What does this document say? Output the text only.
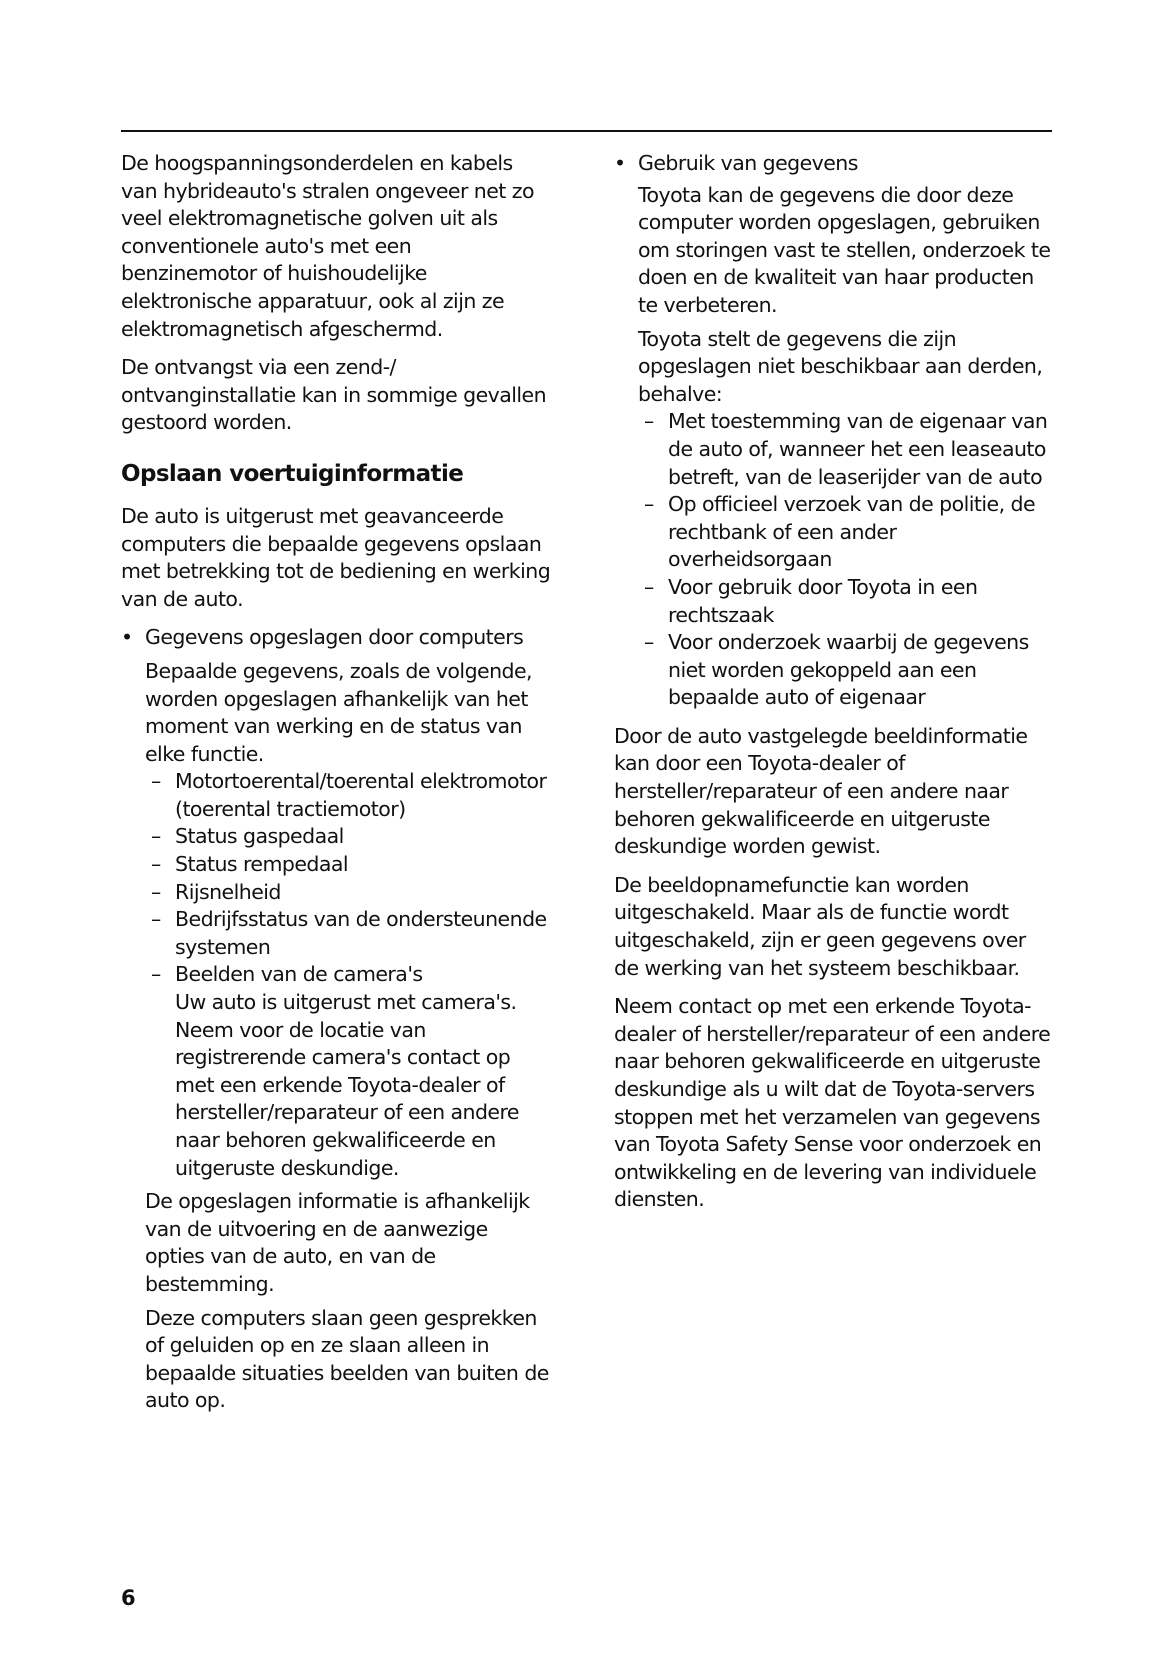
De hoogspanningsonderdelen en kabels van hybrideauto's stralen ongeveer net zo veel elektromagnetische golven uit als conventionele auto's met een benzinemotor of huishoudelijke elektronische apparatuur, ook al zijn ze elektromagnetisch afgeschermd.

De ontvangst via een zend-/ ontvanginstallatie kan in sommige gevallen gestoord worden.

Opslaan voertuiginformatie

De auto is uitgerust met geavanceerde computers die bepaalde gegevens opslaan met betrekking tot de bediening en werking van de auto.

• Gegevens opgeslagen door computers

Bepaalde gegevens, zoals de volgende, worden opgeslagen afhankelijk van het moment van werking en de status van elke functie.

– Motortoerental/toerental elektromotor (toerental tractiemotor)

– Status gaspedaal

– Status rempedaal

– Rijsnelheid

– Bedrijfsstatus van de ondersteunende systemen

– Beelden van de camera's

Uw auto is uitgerust met camera's. Neem voor de locatie van registrerende camera's contact op met een erkende Toyota-dealer of hersteller/reparateur of een andere naar behoren gekwalificeerde en uitgeruste deskundige.

De opgeslagen informatie is afhankelijk van de uitvoering en de aanwezige opties van de auto, en van de bestemming.

Deze computers slaan geen gesprekken of geluiden op en ze slaan alleen in bepaalde situaties beelden van buiten de auto op.

• Gebruik van gegevens

Toyota kan de gegevens die door deze computer worden opgeslagen, gebruiken om storingen vast te stellen, onderzoek te doen en de kwaliteit van haar producten te verbeteren.

Toyota stelt de gegevens die zijn opgeslagen niet beschikbaar aan derden, behalve:

– Met toestemming van de eigenaar van de auto of, wanneer het een leaseauto betreft, van de leaserijder van de auto

– Op officieel verzoek van de politie, de rechtbank of een ander overheidsorgaan

– Voor gebruik door Toyota in een rechtszaak

– Voor onderzoek waarbij de gegevens niet worden gekoppeld aan een bepaalde auto of eigenaar

Door de auto vastgelegde beeldinformatie kan door een Toyota-dealer of hersteller/reparateur of een andere naar behoren gekwalificeerde en uitgeruste deskundige worden gewist.

De beeldopnamefunctie kan worden uitgeschakeld. Maar als de functie wordt uitgeschakeld, zijn er geen gegevens over de werking van het systeem beschikbaar.

Neem contact op met een erkende Toyota-dealer of hersteller/reparateur of een andere naar behoren gekwalificeerde en uitgeruste deskundige als u wilt dat de Toyota-servers stoppen met het verzamelen van gegevens van Toyota Safety Sense voor onderzoek en ontwikkeling en de levering van individuele diensten.

6
